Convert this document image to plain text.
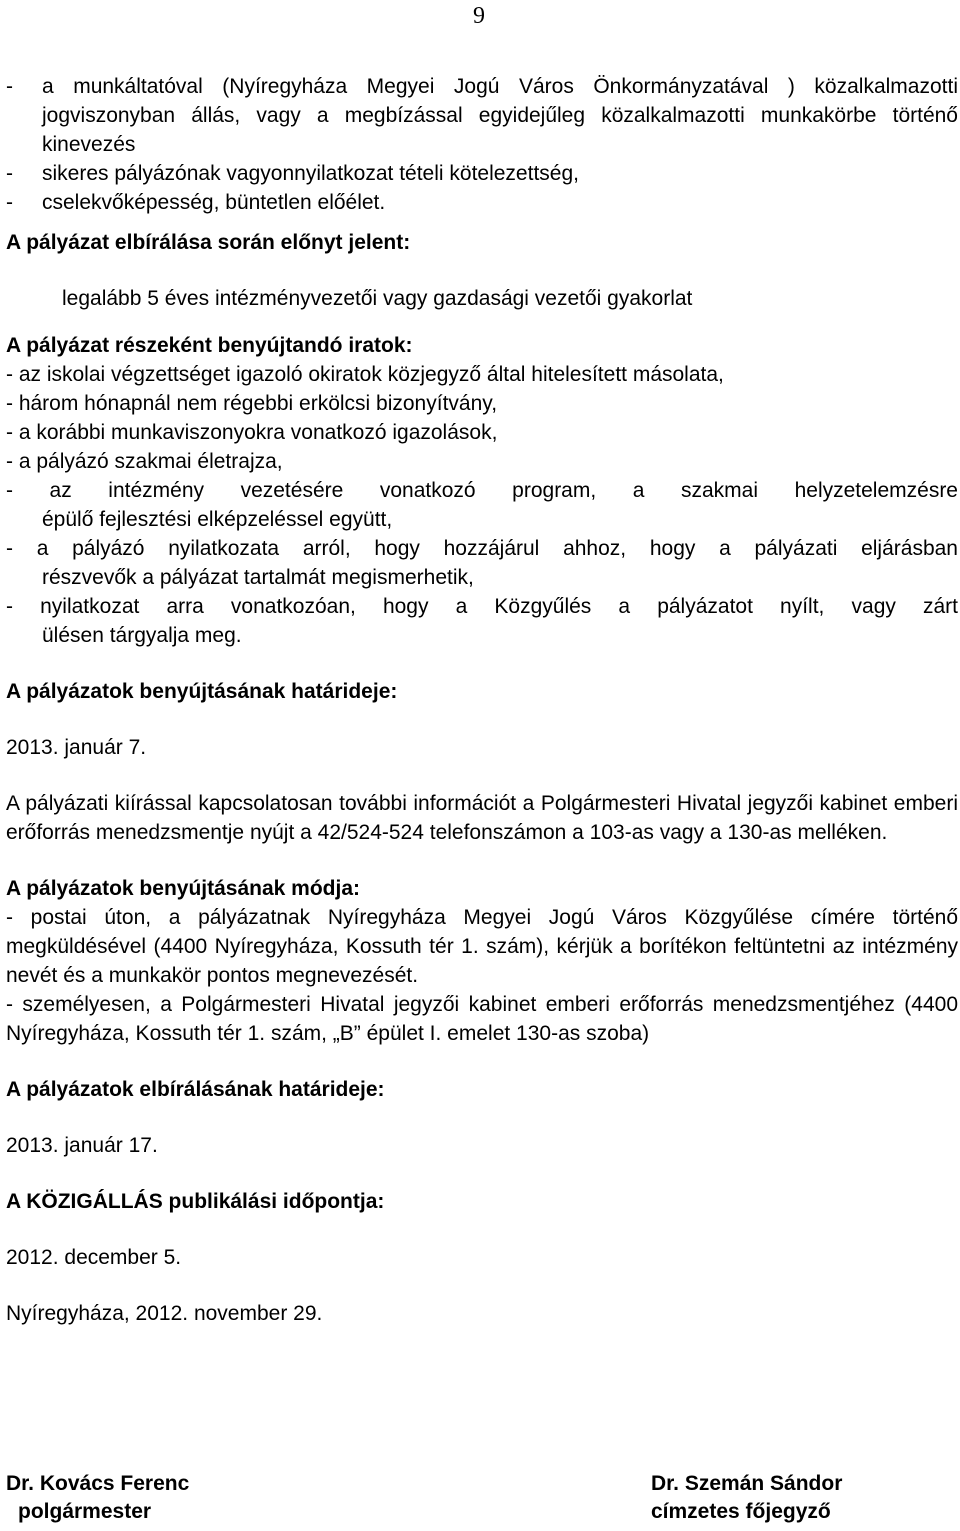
9
-	a munkáltatóval (Nyíregyháza Megyei Jogú Város Önkormányzatával ) közalkalmazotti jogviszonyban állás, vagy a megbízással egyidejűleg közalkalmazotti munkakörbe történő kinevezés
-	sikeres pályázónak vagyonnyilatkozat tételi kötelezettség,
-	cselekvőképesség, büntetlen előélet.
A pályázat elbírálása során előnyt jelent:
legalább 5 éves intézményvezetői vagy gazdasági vezetői gyakorlat
A pályázat részeként benyújtandó iratok:
- az iskolai végzettséget igazoló okiratok közjegyző által hitelesített másolata,
- három hónapnál nem régebbi erkölcsi bizonyítvány,
- a korábbi munkaviszonyokra vonatkozó igazolások,
- a pályázó szakmai életrajza,
- az intézmény vezetésére vonatkozó program, a szakmai helyzetelemzésre
épülő fejlesztési elképzeléssel együtt,
- a pályázó nyilatkozata arról, hogy hozzájárul ahhoz, hogy a pályázati eljárásban
részvevők a pályázat tartalmát megismerhetik,
- nyilatkozat arra vonatkozóan, hogy a Közgyűlés a pályázatot nyílt, vagy zárt
ülésen tárgyalja meg.
A pályázatok benyújtásának határideje:
2013. január 7.
A pályázati kiírással kapcsolatosan további információt a Polgármesteri Hivatal jegyzői kabinet emberi erőforrás menedzsmentje nyújt a 42/524-524 telefonszámon a 103-as vagy a 130-as melléken.
A pályázatok benyújtásának módja:
- postai úton, a pályázatnak Nyíregyháza Megyei Jogú Város Közgyűlése címére történő megküldésével (4400 Nyíregyháza, Kossuth tér 1. szám), kérjük a borítékon feltüntetni az intézmény nevét és a munkakör pontos megnevezését.
- személyesen, a Polgármesteri Hivatal jegyzői kabinet emberi erőforrás menedzsmentjéhez (4400 Nyíregyháza, Kossuth tér 1. szám, „B” épület I. emelet 130-as szoba)
A pályázatok elbírálásának határideje:
2013. január 17.
A KÖZIGÁLLÁS publikálási időpontja:
2012. december 5.
Nyíregyháza, 2012. november 29.
Dr. Kovács Ferenc
polgármester
Dr. Szemán Sándor
címzetes főjegyző
